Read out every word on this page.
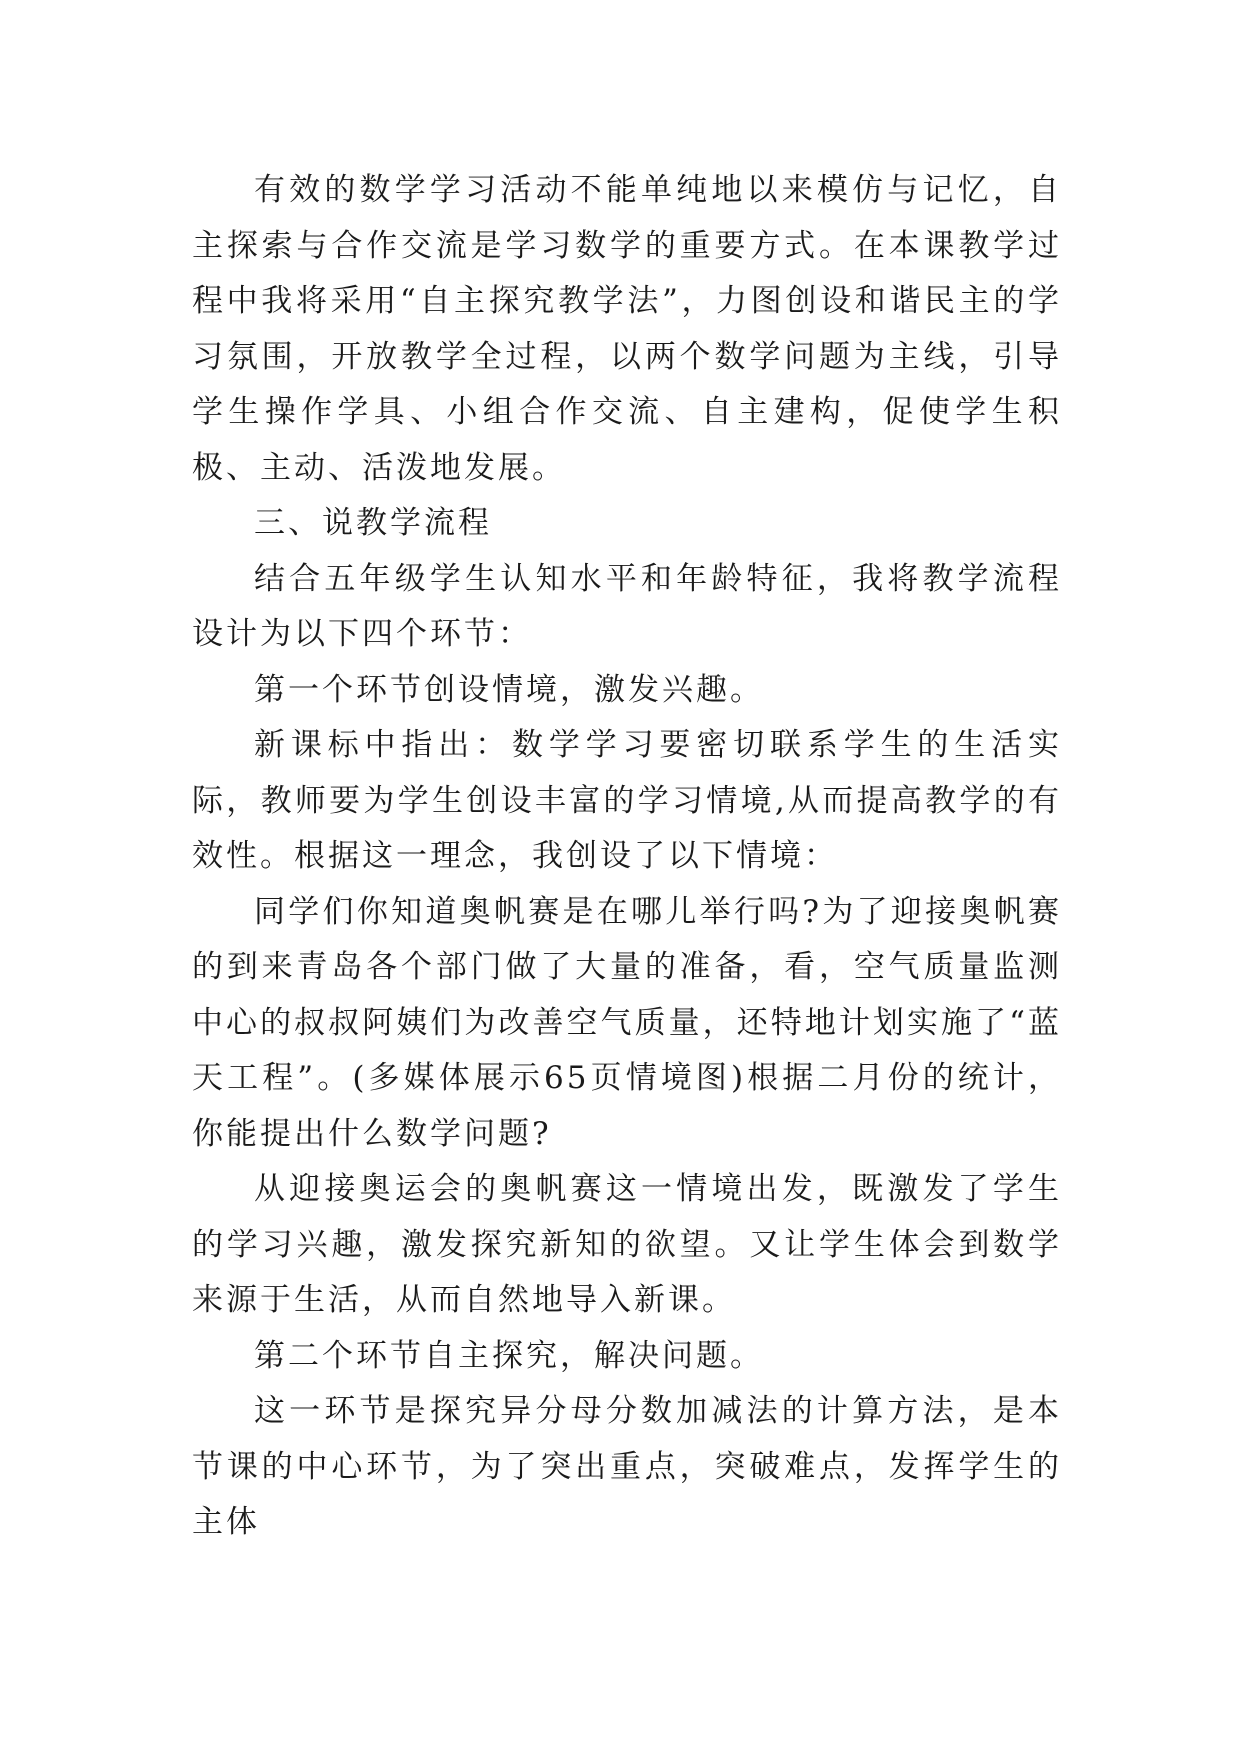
有效的数学学习活动不能单纯地以来模仿与记忆，自主探索与合作交流是学习数学的重要方式。在本课教学过程中我将采用“自主探究教学法”，力图创设和谐民主的学习氛围，开放教学全过程，以两个数学问题为主线，引导学生操作学具、小组合作交流、自主建构，促使学生积极、主动、活泼地发展。

三、说教学流程

结合五年级学生认知水平和年龄特征，我将教学流程设计为以下四个环节：

第一个环节创设情境，激发兴趣。

新课标中指出：数学学习要密切联系学生的生活实际，教师要为学生创设丰富的学习情境,从而提高教学的有效性。根据这一理念，我创设了以下情境：

同学们你知道奥帆赛是在哪儿举行吗?为了迎接奥帆赛的到来青岛各个部门做了大量的准备，看，空气质量监测中心的叔叔阿姨们为改善空气质量，还特地计划实施了“蓝天工程”。(多媒体展示65页情境图)根据二月份的统计，你能提出什么数学问题?

从迎接奥运会的奥帆赛这一情境出发，既激发了学生的学习兴趣，激发探究新知的欲望。又让学生体会到数学来源于生活，从而自然地导入新课。

第二个环节自主探究，解决问题。

这一环节是探究异分母分数加减法的计算方法，是本节课的中心环节，为了突出重点，突破难点，发挥学生的主体
